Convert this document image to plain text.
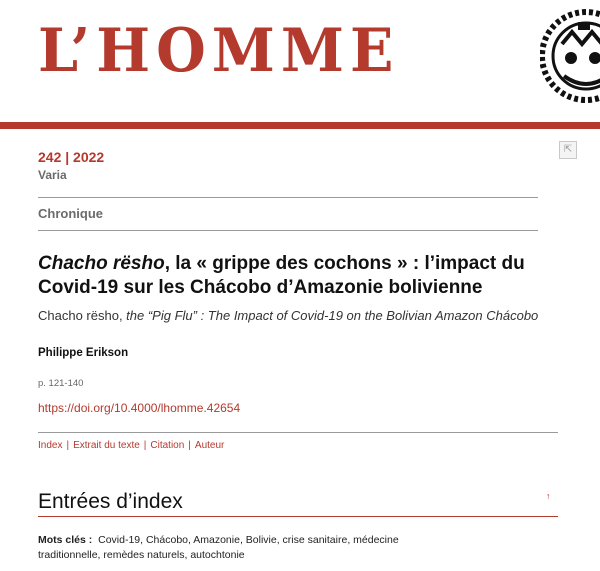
L’HOMME
⇱
242 | 2022
Varia
Chronique
Chacho rësho, la « grippe des cochons » : l’impact du Covid-19 sur les Chácobo d’Amazonie bolivienne
Chacho rësho, the “Pig Flu” : The Impact of Covid-19 on the Bolivian Amazon Chácobo
Philippe Erikson
p. 121-140
https://doi.org/10.4000/lhomme.42654
Index | Extrait du texte | Citation | Auteur
Entrées d’index	↑
Mots clés : Covid-19, Chácobo, Amazonie, Bolivie, crise sanitaire, médecine traditionnelle, remèdes naturels, autochtonie
